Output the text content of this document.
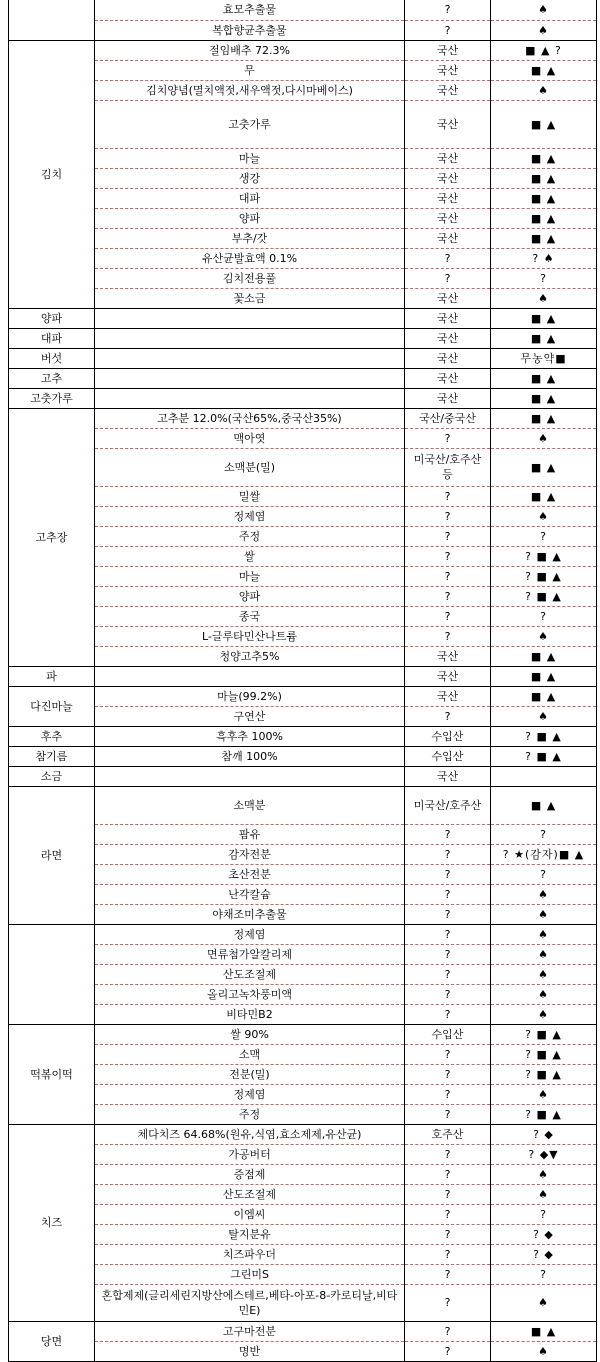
	효모추출물	?	♠
	복합향균추출물	?	♠
김치	절임배추 72.3%	국산	■ ▲ ?
	무	국산	■ ▲
	김치양념(멸치액젓,새우액젓,다시마베이스)	국산	♠
	고춧가루	국산	■ ▲
	마늘	국산	■ ▲
	생강	국산	■ ▲
	대파	국산	■ ▲
	양파	국산	■ ▲
	부추/갓	국산	■ ▲
	유산균발효액 0.1%	?	? ♠
	김치전용풀	?	?
	꽃소금	국산	♠
양파		국산	■ ▲
대파		국산	■ ▲
버섯		국산	무농약■
고추		국산	■ ▲
고춧가루		국산	■ ▲
고추장	고추분 12.0%(국산65%,중국산35%)	국산/중국산	■ ▲
	맥아엿	?	♠
	소맥분(밀)	미국산/호주산 등	■ ▲
	밀쌀	?	■ ▲
	정제염	?	♠
	주정	?	?
	쌀	?	? ■ ▲
	마늘	?	? ■ ▲
	양파	?	? ■ ▲
	종국	?	?
	L-글루타민산나트륨	?	♠
	청양고추5%	국산	■ ▲
파		국산	■ ▲
다진마늘	마늘(99.2%)	국산	■ ▲
	구연산	?	♠
후추	흑후추 100%	수입산	? ■ ▲
참기름	참깨 100%	수입산	? ■ ▲
소금		국산	
라면	소맥분	미국산/호주산	■ ▲
	팜유	?	?
	감자전분	?	? ★(감자)■ ▲
	초산전분	?	?
	난각칼슘	?	♠
	야채조미추출물	?	♠
	정제염	?	♠
	면류첨가알칼리제	?	♠
	산도조절제	?	♠
	올리고녹차풍미액	?	♠
	비타민B2	?	♠
떡볶이떡	쌀 90%	수입산	? ■ ▲
	소맥	?	? ■ ▲
	전분(밀)	?	? ■ ▲
	정제염	?	♠
	주정	?	? ■ ▲
치즈	체다치즈 64.68%(원유,식염,효소제제,유산균)	호주산	? ◆
	가공버터	?	? ◆▼
	증점제	?	♠
	산도조절제	?	♠
	이엠씨	?	?
	탈지분유	?	? ◆
	치즈파우더	?	? ◆
	그린미S	?	?
	혼합제제(글리세린지방산에스테르,베타-아포-8-카로티날,비타민E)	?	♠
당면	고구마전분	?	■ ▲
	명반	?	♠
